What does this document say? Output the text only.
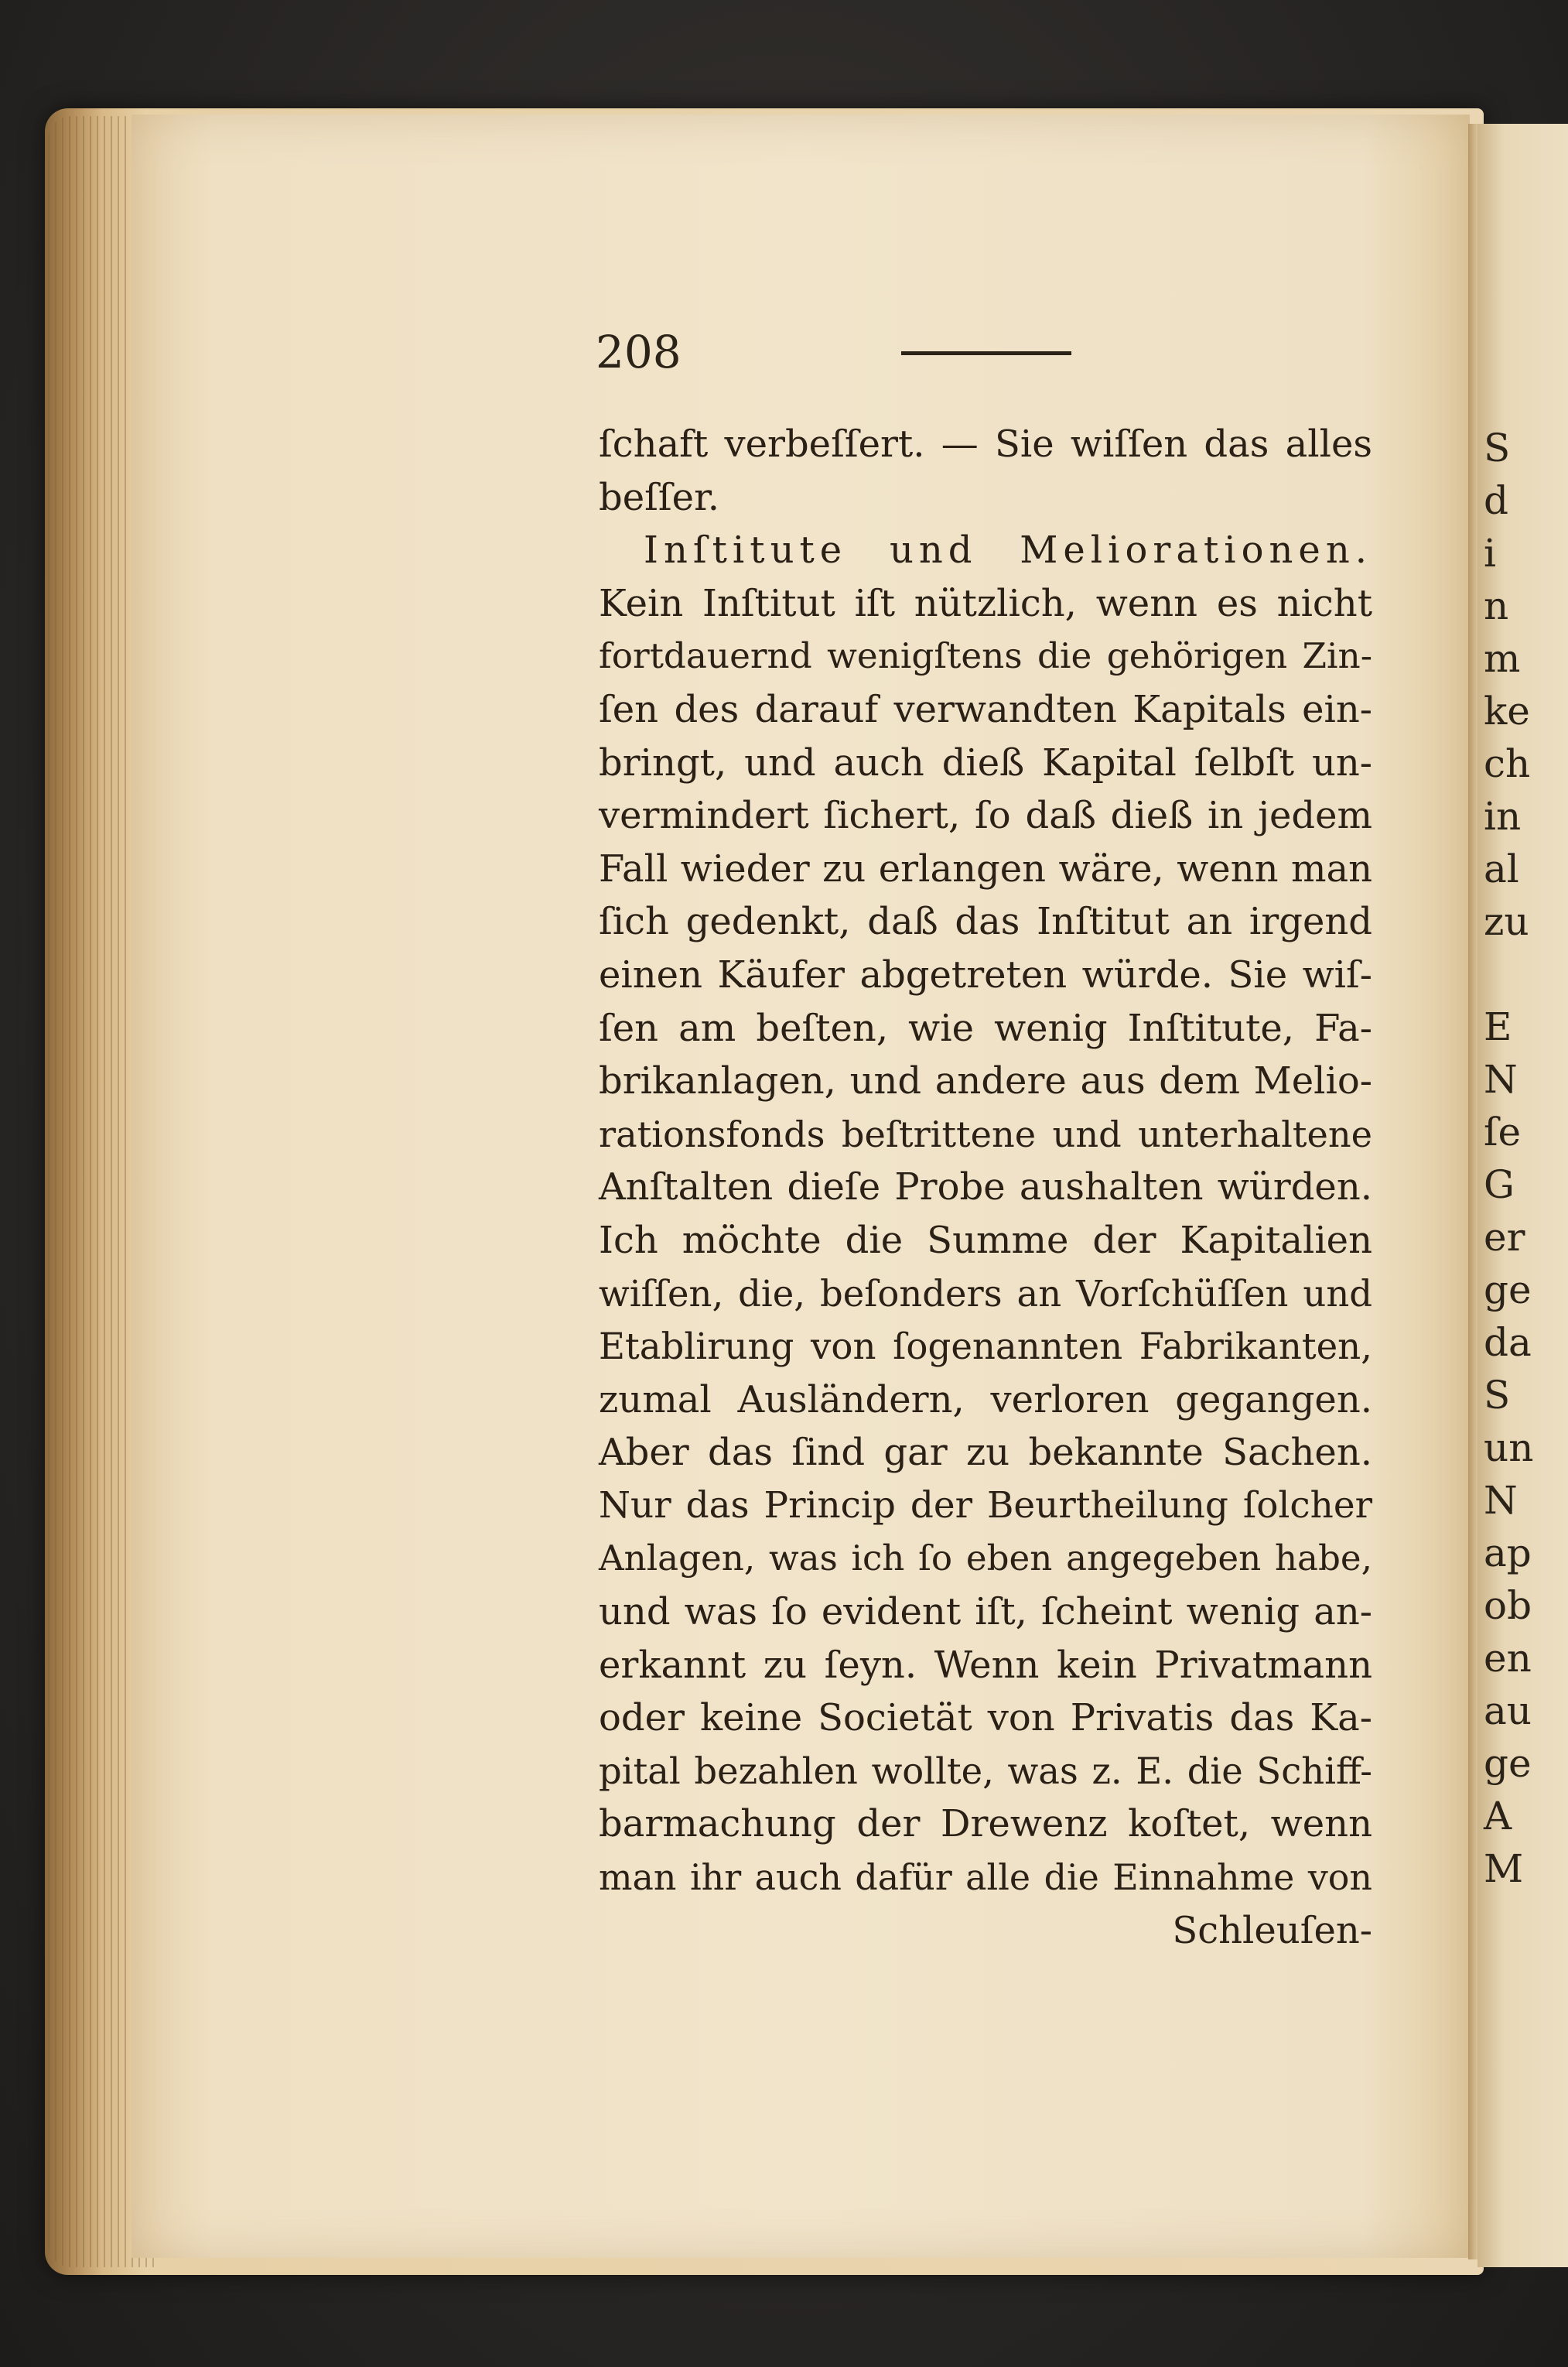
S
d
i
n
m
ke
ch
in
al
zu
E
N
ſe
G
er
ge
da
S
un
N
ap
ob
en
au
ge
A
M
208
ſchaft verbeſſert. — Sie wiſſen das alles
beſſer.
Inſtitute und Meliorationen.
Kein Inſtitut iſt nützlich, wenn es nicht
fortdauernd wenigſtens die gehörigen Zin-
ſen des darauf verwandten Kapitals ein-
bringt, und auch dieß Kapital ſelbſt un-
vermindert ſichert, ſo daß dieß in jedem
Fall wieder zu erlangen wäre, wenn man
ſich gedenkt, daß das Inſtitut an irgend
einen Käufer abgetreten würde. Sie wiſ-
ſen am beſten, wie wenig Inſtitute, Fa-
brikanlagen, und andere aus dem Melio-
rationsfonds beſtrittene und unterhaltene
Anſtalten dieſe Probe aushalten würden.
Ich möchte die Summe der Kapitalien
wiſſen, die, beſonders an Vorſchüſſen und
Etablirung von ſogenannten Fabrikanten,
zumal Ausländern, verloren gegangen.
Aber das ſind gar zu bekannte Sachen.
Nur das Princip der Beurtheilung ſolcher
Anlagen, was ich ſo eben angegeben habe,
und was ſo evident iſt, ſcheint wenig an-
erkannt zu ſeyn. Wenn kein Privatmann
oder keine Societät von Privatis das Ka-
pital bezahlen wollte, was z. E. die Schiff-
barmachung der Drewenz koſtet, wenn
man ihr auch dafür alle die Einnahme von
Schleuſen-
